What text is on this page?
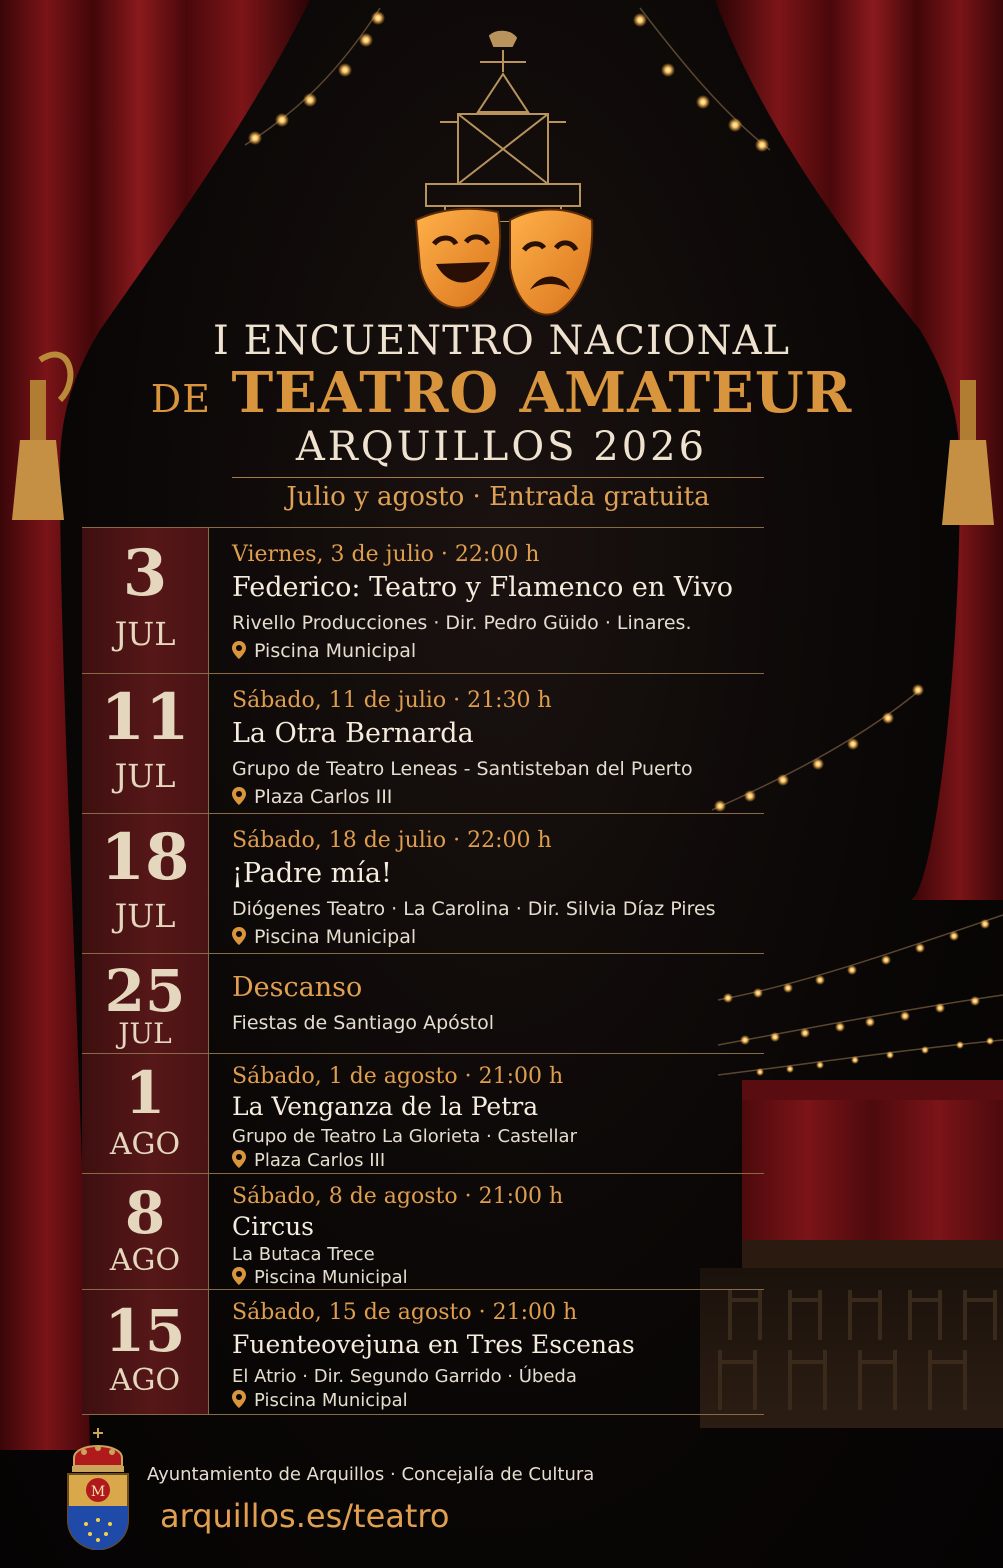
I ENCUENTRO NACIONAL
DE TEATRO AMATEUR
ARQUILLOS 2026
Julio y agosto · Entrada gratuita
3
JUL
Viernes, 3 de julio · 22:00 h
Federico: Teatro y Flamenco en Vivo
Rivello Producciones · Dir. Pedro Güido · Linares.
Piscina Municipal
11
JUL
Sábado, 11 de julio · 21:30 h
La Otra Bernarda
Grupo de Teatro Leneas - Santisteban del Puerto
Plaza Carlos III
18
JUL
Sábado, 18 de julio · 22:00 h
¡Padre mía!
Diógenes Teatro · La Carolina · Dir. Silvia Díaz Pires
Piscina Municipal
25
JUL
Descanso
Fiestas de Santiago Apóstol
1
AGO
Sábado, 1 de agosto · 21:00 h
La Venganza de la Petra
Grupo de Teatro La Glorieta · Castellar
Plaza Carlos III
8
AGO
Sábado, 8 de agosto · 21:00 h
Circus
La Butaca Trece
Piscina Municipal
15
AGO
Sábado, 15 de agosto · 21:00 h
Fuenteovejuna en Tres Escenas
El Atrio · Dir. Segundo Garrido · Úbeda
Piscina Municipal
M
Ayuntamiento de Arquillos · Concejalía de Cultura
arquillos.es/teatro
